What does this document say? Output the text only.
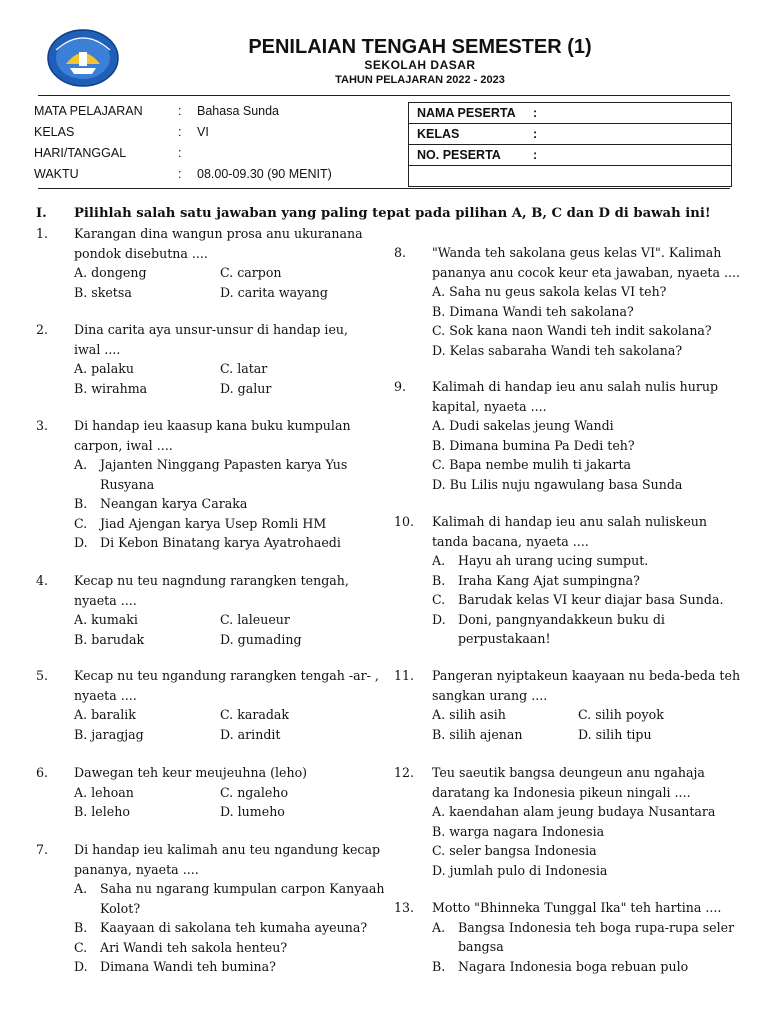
PENILAIAN TENGAH SEMESTER (1)
SEKOLAH DASAR
TAHUN PELAJARAN 2022 - 2023
MATA PELAJARAN	: Bahasa Sunda
KELAS	: VI
HARI/TANGGAL	:
WAKTU	: 08.00-09.30 (90 MENIT)
NAMA PESERTA :
KELAS	:
NO. PESERTA	:
I. Pilihlah salah satu jawaban yang paling tepat pada pilihan A, B, C dan D di bawah ini!
1. Karangan dina wangun prosa anu ukuranana
pondok disebutna ....
A. dongeng	C. carpon
B. sketsa	D. carita wayang
2. Dina carita aya unsur-unsur di handap ieu,
iwal ....
A. palaku	C. latar
B. wirahma	D. galur
3. Di handap ieu kaasup kana buku kumpulan
carpon, iwal ....
A. Jajanten Ninggang Papasten karya Yus
Rusyana
B. Neangan karya Caraka
C. Jiad Ajengan karya Usep Romli HM
D. Di Kebon Binatang karya Ayatrohaedi
4. Kecap nu teu nagndung rarangken tengah,
nyaeta ....
A. kumaki	C. laleueur
B. barudak	D. gumading
5. Kecap nu teu ngandung rarangken tengah -ar- ,
nyaeta ....
A. baralik	C. karadak
B. jaragjag	D. arindit
6. Dawegan teh keur meujeuhna (leho)
A. lehoan	C. ngaleho
B. leleho	D. lumeho
7. Di handap ieu kalimah anu teu ngandung kecap
pananya, nyaeta ....
A. Saha nu ngarang kumpulan carpon Kanyaah
Kolot?
B. Kaayaan di sakolana teh kumaha ayeuna?
C. Ari Wandi teh sakola henteu?
D. Dimana Wandi teh bumina?
8. "Wanda teh sakolana geus kelas VI". Kalimah
pananya anu cocok keur eta jawaban, nyaeta ....
A. Saha nu geus sakola kelas VI teh?
B. Dimana Wandi teh sakolana?
C. Sok kana naon Wandi teh indit sakolana?
D. Kelas sabaraha Wandi teh sakolana?
9. Kalimah di handap ieu anu salah nulis hurup
kapital, nyaeta ....
A. Dudi sakelas jeung Wandi
B. Dimana bumina Pa Dedi teh?
C. Bapa nembe mulih ti jakarta
D. Bu Lilis nuju ngawulang basa Sunda
10. Kalimah di handap ieu anu salah nuliskeun
tanda bacana, nyaeta ....
A. Hayu ah urang ucing sumput.
B. Iraha Kang Ajat sumpingna?
C. Barudak kelas VI keur diajar basa Sunda.
D. Doni, pangnyandakkeun buku di
perpustakaan!
11. Pangeran nyiptakeun kaayaan nu beda-beda teh
sangkan urang ....
A. silih asih	C. silih poyok
B. silih ajenan	D. silih tipu
12. Teu saeutik bangsa deungeun anu ngahaja
daratang ka Indonesia pikeun ningali ....
A. kaendahan alam jeung budaya Nusantara
B. warga nagara Indonesia
C. seler bangsa Indonesia
D. jumlah pulo di Indonesia
13. Motto "Bhinneka Tunggal Ika" teh hartina ....
A. Bangsa Indonesia teh boga rupa-rupa seler
bangsa
B. Nagara Indonesia boga rebuan pulo
